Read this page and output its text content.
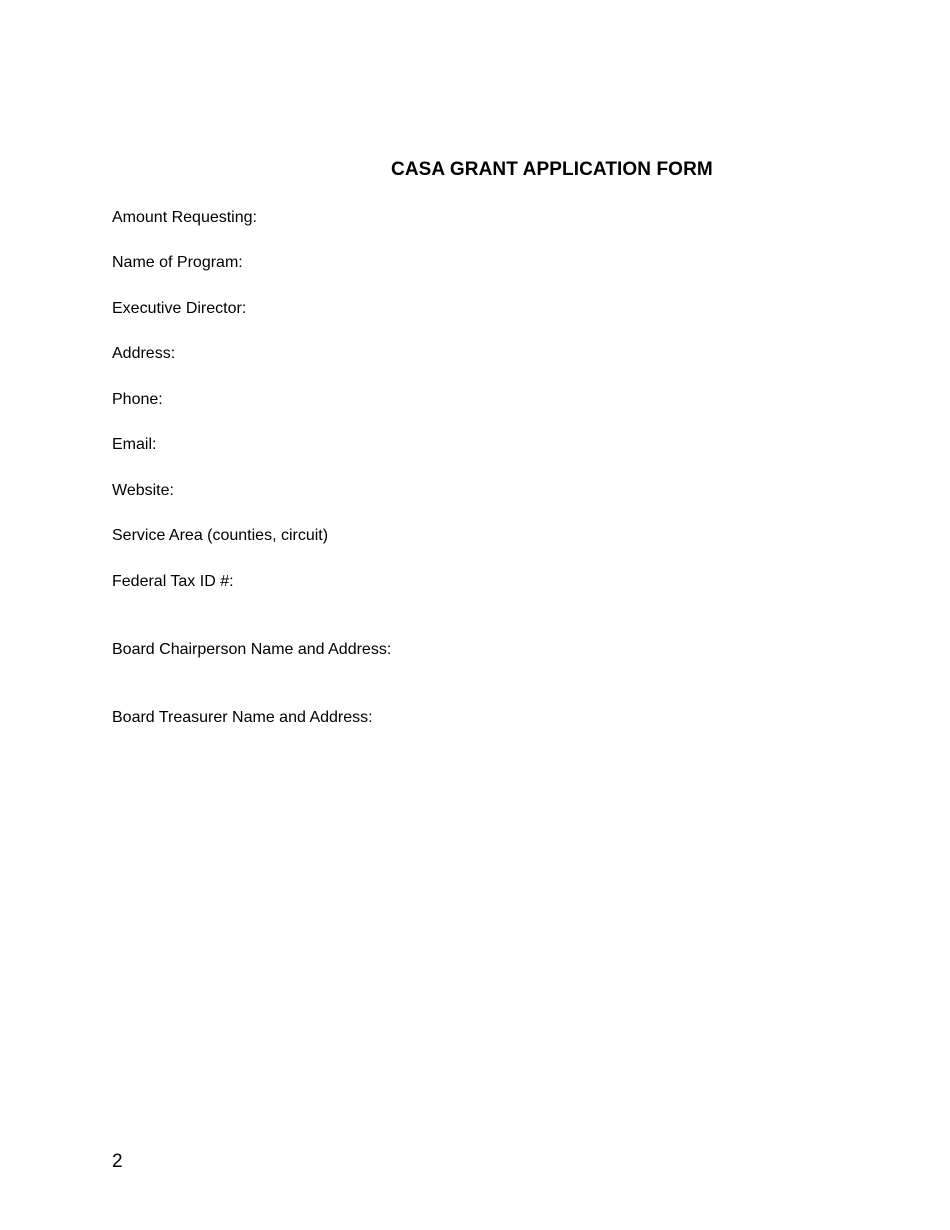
CASA GRANT APPLICATION FORM
Amount Requesting:
Name of Program:
Executive Director:
Address:
Phone:
Email:
Website:
Service Area (counties, circuit)
Federal Tax ID #:
Board Chairperson Name and Address:
Board Treasurer Name and Address:
2
